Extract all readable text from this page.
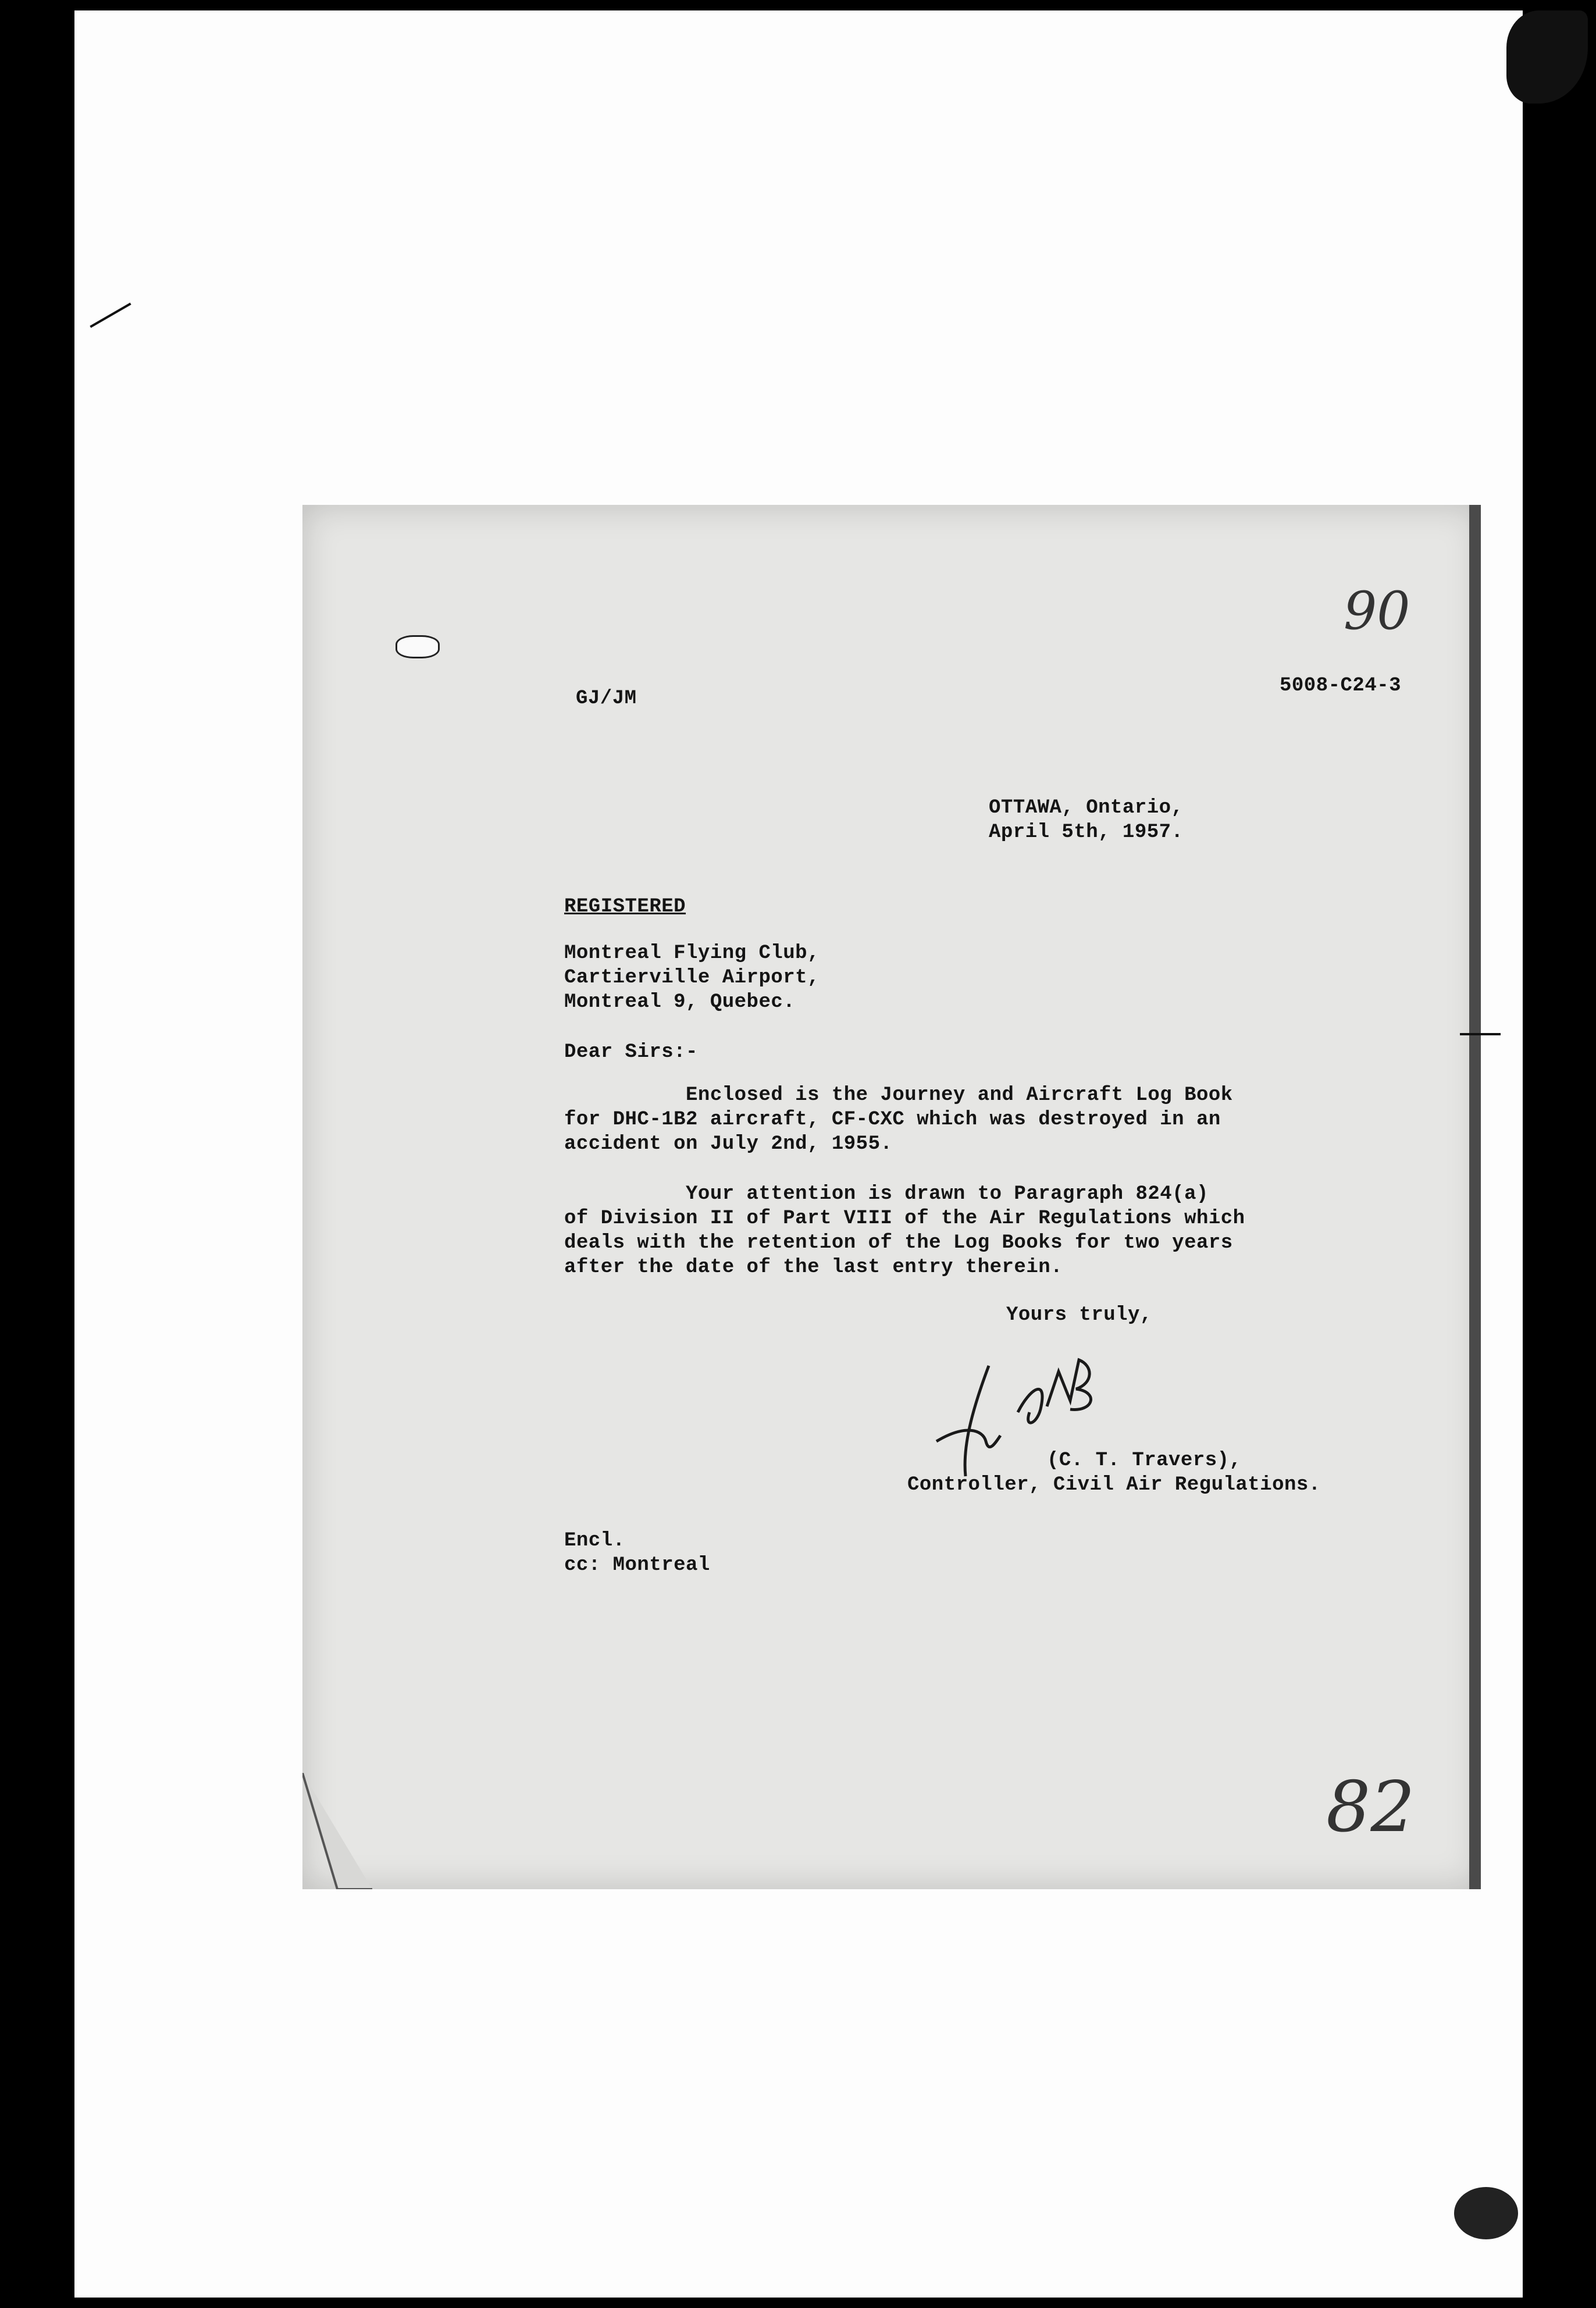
90
GJ/JM
5008-C24-3
OTTAWA, Ontario,
April 5th, 1957.
REGISTERED
Montreal Flying Club,
Cartierville Airport,
Montreal 9, Quebec.
Dear Sirs:-
Enclosed is the Journey and Aircraft Log Book
for DHC-1B2 aircraft, CF-CXC which was destroyed in an
accident on July 2nd, 1955.
Your attention is drawn to Paragraph 824(a)
of Division II of Part VIII of the Air Regulations which
deals with the retention of the Log Books for two years
after the date of the last entry therein.
Yours truly,
(C. T. Travers),
Controller, Civil Air Regulations.
Encl.
cc: Montreal
82
